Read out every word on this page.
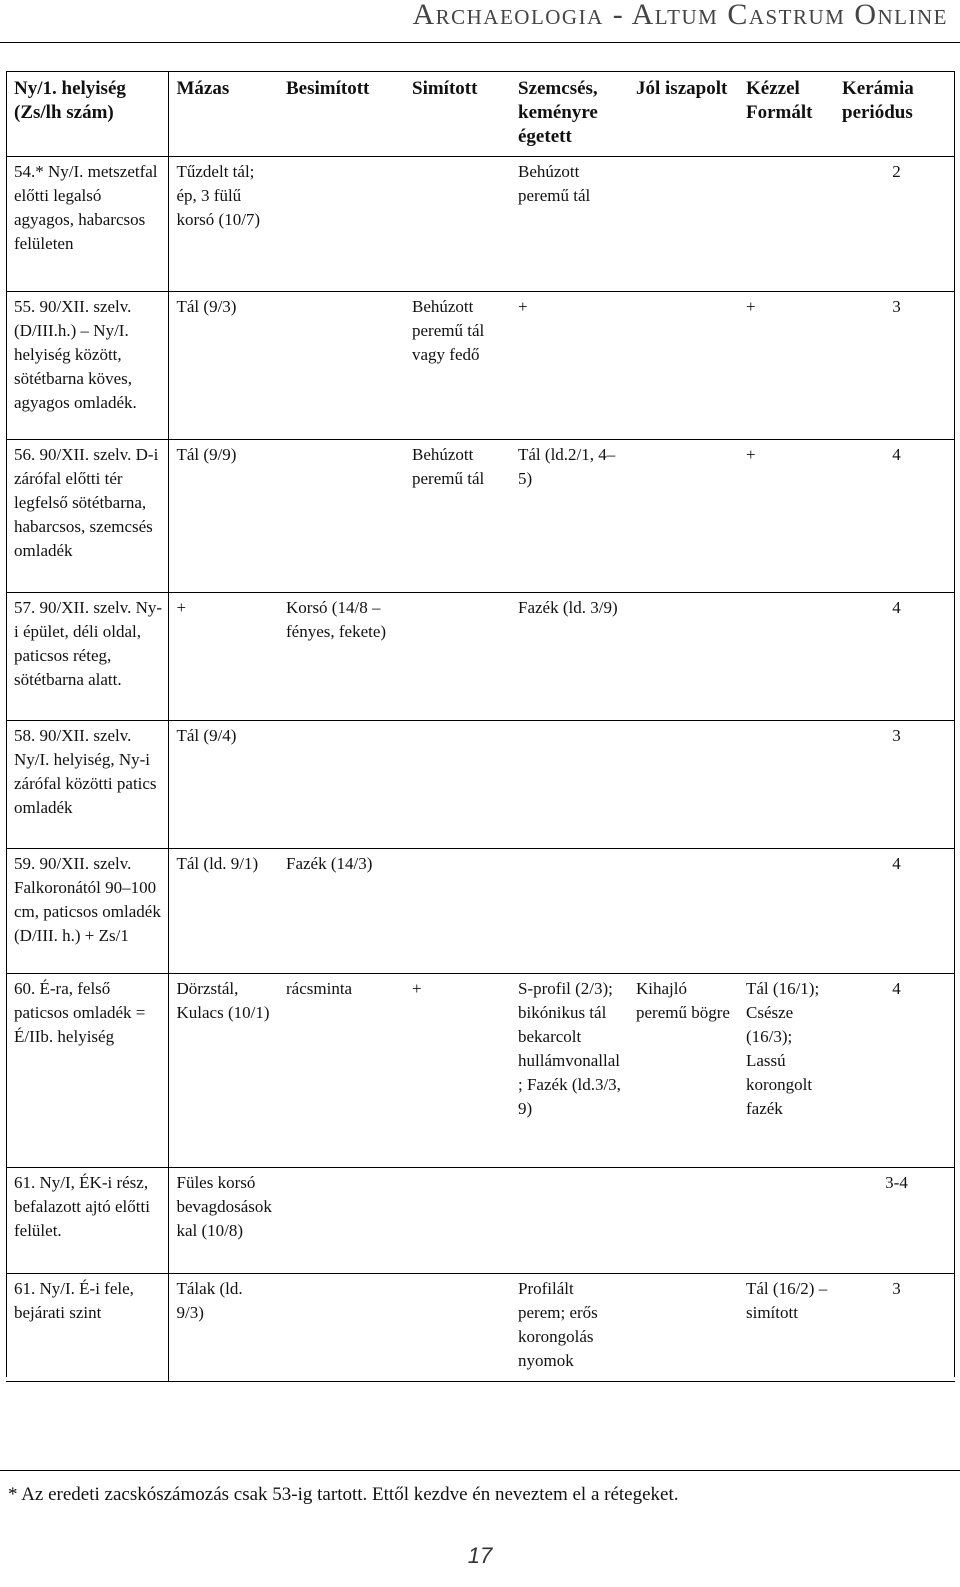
Archaeologia - Altum Castrum Online
Ny/1. helyiség (Zs/lh szám)	Mázas	Besimított	Simított	Szemcsés, keményre égetett	Jól iszapolt	Kézzel Formált	Kerámia periódus
54.* Ny/I. metszetfal előtti legalsó agyagos, habarcsos felületen	Tűzdelt tál; ép, 3 fülű korsó (10/7)			Behúzott peremű tál			2
55. 90/XII. szelv. (D/III.h.) – Ny/I. helyiség között, sötétbarna köves, agyagos omladék.	Tál (9/3)		Behúzott peremű tál vagy fedő	+		+	3
56. 90/XII. szelv. D-i zárófal előtti tér legfelső sötétbarna, habarcsos, szemcsés omladék	Tál (9/9)		Behúzott peremű tál	Tál (ld.2/1, 4–5)		+	4
57. 90/XII. szelv. Ny-i épület, déli oldal, paticsos réteg, sötétbarna alatt.	+	Korsó (14/8 – fényes, fekete)		Fazék (ld. 3/9)			4
58. 90/XII. szelv. Ny/I. helyiség, Ny-i zárófal közötti patics omladék	Tál (9/4)						3
59. 90/XII. szelv. Falkoronától 90–100 cm, paticsos omladék (D/III. h.) + Zs/1	Tál (ld. 9/1)	Fazék (14/3)					4
60. É-ra, felső paticsos omladék = É/IIb. helyiség	Dörzstál, Kulacs (10/1)	rácsminta	+	S-profil (2/3); bikónikus tál bekarcolt hullámvonallal; Fazék (ld.3/3, 9)	Kihajló peremű bögre	Tál (16/1); Csésze (16/3); Lassú korongolt fazék	4
61. Ny/I, ÉK-i rész, befalazott ajtó előtti felület.	Füles korsó bevagdosásokkal (10/8)						3-4
61. Ny/I. É-i fele, bejárati szint	Tálak (ld. 9/3)			Profilált perem; erős korongolás nyomok		Tál (16/2) – simított	3
* Az eredeti zacskószámozás csak 53-ig tartott. Ettől kezdve én neveztem el a rétegeket.
17
